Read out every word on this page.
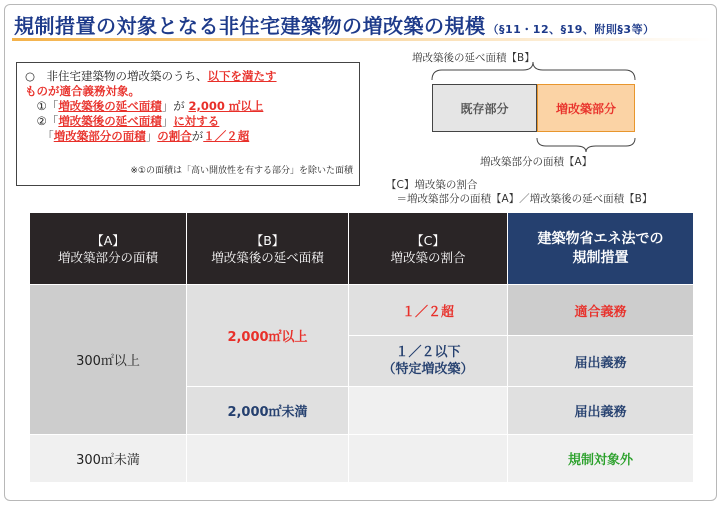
規制措置の対象となる非住宅建築物の増改築の規模 （§11・12、§19、附則§3等）
○　非住宅建築物の増改築のうち、以下を満たす
ものが適合義務対象。
　①「増改築後の延べ面積」が 2,000 ㎡以上
　②「増改築後の延べ面積」に対する
　　「増改築部分の面積」の割合が１／２超
※①の面積は「高い開放性を有する部分」を除いた面積
増改築後の延べ面積【B】
既存部分	増改築部分
増改築部分の面積【A】
【C】増改築の割合
　＝増改築部分の面積【A】／増改築後の延べ面積【B】
【A】
増改築部分の面積
【B】
増改築後の延べ面積
【C】
増改築の割合
建築物省エネ法での
規制措置
300㎡以上
300㎡未満
2,000㎡以上
2,000㎡未満
１／２超
１／２以下
（特定増改築）
適合義務
届出義務
届出義務
規制対象外
